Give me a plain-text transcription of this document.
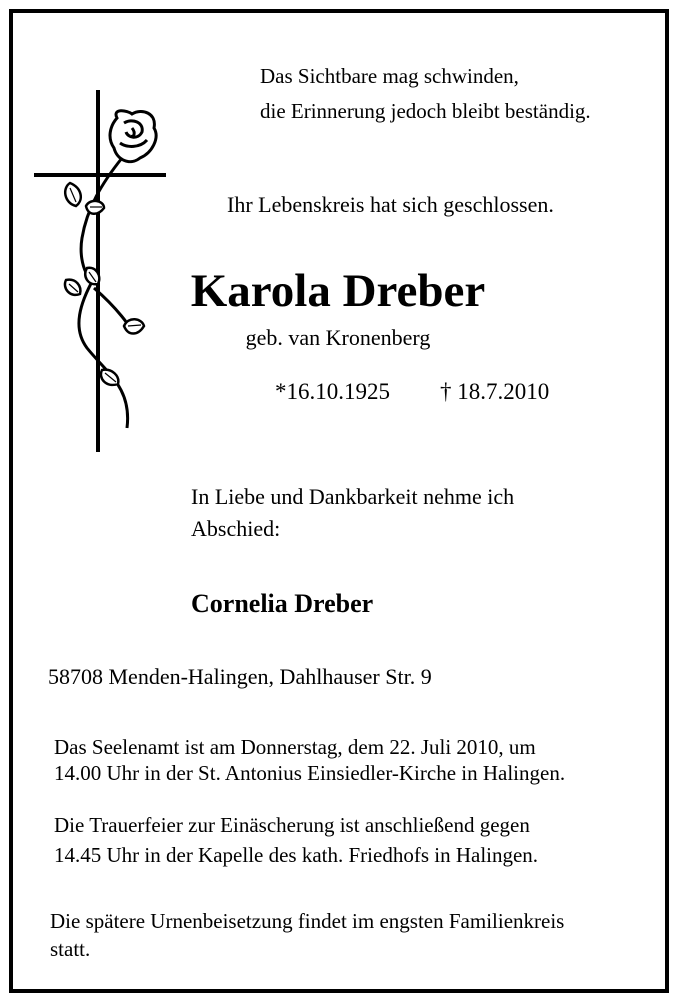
Das Sichtbare mag schwinden,
die Erinnerung jedoch bleibt beständig.
Ihr Lebenskreis hat sich geschlossen.
Karola Dreber
geb. van Kronenberg
*16.10.1925 † 18.7.2010
In Liebe und Dankbarkeit nehme ich
Abschied:
Cornelia Dreber
58708 Menden-Halingen, Dahlhauser Str. 9
Das Seelenamt ist am Donnerstag, dem 22. Juli 2010, um
14.00 Uhr in der St. Antonius Einsiedler-Kirche in Halingen.
Die Trauerfeier zur Einäscherung ist anschließend gegen
14.45 Uhr in der Kapelle des kath. Friedhofs in Halingen.
Die spätere Urnenbeisetzung findet im engsten Familienkreis
statt.
